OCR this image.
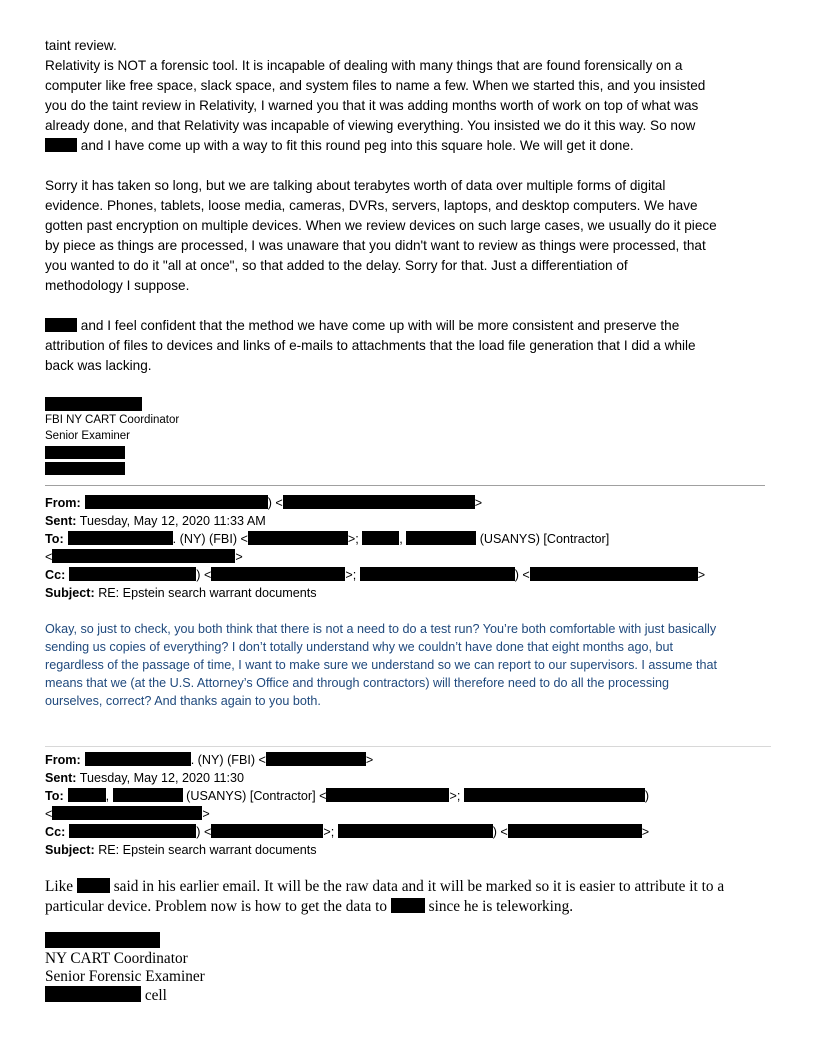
taint review.
Relativity is NOT a forensic tool. It is incapable of dealing with many things that are found forensically on a
computer like free space, slack space, and system files to name a few. When we started this, and you insisted
you do the taint review in Relativity, I warned you that it was adding months worth of work on top of what was
already done, and that Relativity was incapable of viewing everything. You insisted we do it this way. So now
and I have come up with a way to fit this round peg into this square hole. We will get it done.
Sorry it has taken so long, but we are talking about terabytes worth of data over multiple forms of digital
evidence. Phones, tablets, loose media, cameras, DVRs, servers, laptops, and desktop computers. We have
gotten past encryption on multiple devices. When we review devices on such large cases, we usually do it piece
by piece as things are processed, I was unaware that you didn't want to review as things were processed, that
you wanted to do it "all at once", so that added to the delay. Sorry for that. Just a differentiation of
methodology I suppose.
and I feel confident that the method we have come up with will be more consistent and preserve the
attribution of files to devices and links of e-mails to attachments that the load file generation that I did a while
back was lacking.
FBI NY CART Coordinator
Senior Examiner
From:	) <	>
Sent: Tuesday, May 12, 2020 11:33 AM
To:	. (NY) (FBI) <	>;	,	(USANYS) [Contractor]
<	>
Cc:	) <	>;	) <	>
Subject: RE: Epstein search warrant documents
Okay, so just to check, you both think that there is not a need to do a test run? You’re both comfortable with just basically
sending us copies of everything? I don’t totally understand why we couldn’t have done that eight months ago, but
regardless of the passage of time, I want to make sure we understand so we can report to our supervisors. I assume that
means that we (at the U.S. Attorney’s Office and through contractors) will therefore need to do all the processing
ourselves, correct? And thanks again to you both.
From:	. (NY) (FBI) <	>
Sent: Tuesday, May 12, 2020 11:30
To:	,	(USANYS) [Contractor] <	>;	)
<	>
Cc:	) <	>;	) <	>
Subject: RE: Epstein search warrant documents
Like	said in his earlier email. It will be the raw data and it will be marked so it is easier to attribute it to a
particular device. Problem now is how to get the data to	since he is teleworking.
NY CART Coordinator
Senior Forensic Examiner
cell
